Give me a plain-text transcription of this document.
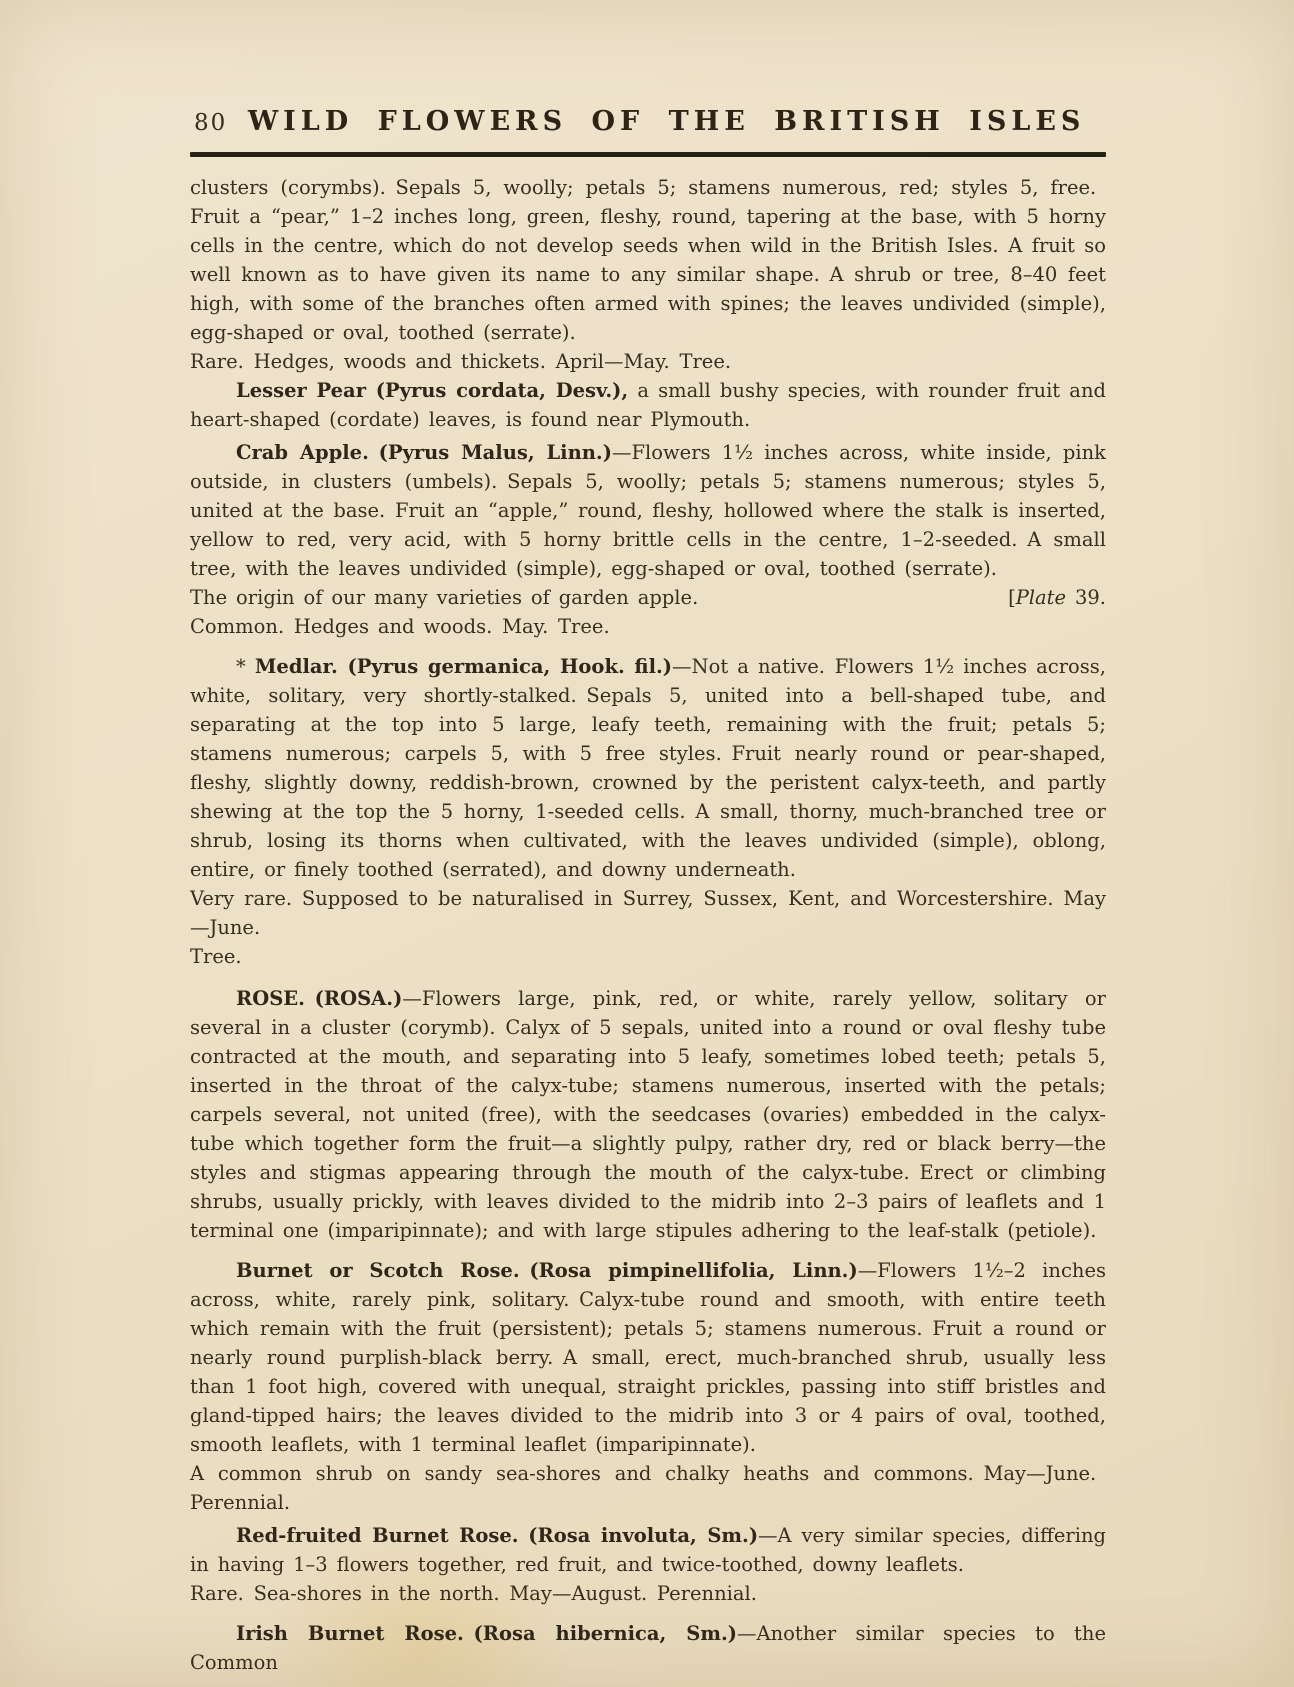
80 WILD FLOWERS OF THE BRITISH ISLES

clusters (corymbs). Sepals 5, woolly; petals 5; stamens numerous, red; styles 5, free. Fruit a “pear,” 1–2 inches long, green, fleshy, round, tapering at the base, with 5 horny cells in the centre, which do not develop seeds when wild in the British Isles. A fruit so well known as to have given its name to any similar shape. A shrub or tree, 8–40 feet high, with some of the branches often armed with spines; the leaves undivided (simple), egg-shaped or oval, toothed (serrate).

Rare. Hedges, woods and thickets. April—May. Tree.

Lesser Pear (Pyrus cordata, Desv.), a small bushy species, with rounder fruit and heart-shaped (cordate) leaves, is found near Plymouth.

Crab Apple. (Pyrus Malus, Linn.)—Flowers 1½ inches across, white inside, pink outside, in clusters (umbels). Sepals 5, woolly; petals 5; stamens numerous; styles 5, united at the base. Fruit an “apple,” round, fleshy, hollowed where the stalk is inserted, yellow to red, very acid, with 5 horny brittle cells in the centre, 1–2-seeded. A small tree, with the leaves undivided (simple), egg-shaped or oval, toothed (serrate).
[Plate 39.

The origin of our many varieties of garden apple.

Common. Hedges and woods. May. Tree.

* Medlar. (Pyrus germanica, Hook. fil.)—Not a native. Flowers 1½ inches across, white, solitary, very shortly-stalked. Sepals 5, united into a bell-shaped tube, and separating at the top into 5 large, leafy teeth, remaining with the fruit; petals 5; stamens numerous; carpels 5, with 5 free styles. Fruit nearly round or pear-shaped, fleshy, slightly downy, reddish-brown, crowned by the peristent calyx-teeth, and partly shewing at the top the 5 horny, 1-seeded cells. A small, thorny, much-branched tree or shrub, losing its thorns when cultivated, with the leaves undivided (simple), oblong, entire, or finely toothed (serrated), and downy underneath.

Very rare. Supposed to be naturalised in Surrey, Sussex, Kent, and Worcestershire. May—June.

Tree.

ROSE. (ROSA.)—Flowers large, pink, red, or white, rarely yellow, solitary or several in a cluster (corymb). Calyx of 5 sepals, united into a round or oval fleshy tube contracted at the mouth, and separating into 5 leafy, sometimes lobed teeth; petals 5, inserted in the throat of the calyx-tube; stamens numerous, inserted with the petals; carpels several, not united (free), with the seedcases (ovaries) embedded in the calyx-tube which together form the fruit—a slightly pulpy, rather dry, red or black berry—the styles and stigmas appearing through the mouth of the calyx-tube. Erect or climbing shrubs, usually prickly, with leaves divided to the midrib into 2–3 pairs of leaflets and 1 terminal one (imparipinnate); and with large stipules adhering to the leaf-stalk (petiole).

Burnet or Scotch Rose. (Rosa pimpinellifolia, Linn.)—Flowers 1½–2 inches across, white, rarely pink, solitary. Calyx-tube round and smooth, with entire teeth which remain with the fruit (persistent); petals 5; stamens numerous. Fruit a round or nearly round purplish-black berry. A small, erect, much-branched shrub, usually less than 1 foot high, covered with unequal, straight prickles, passing into stiff bristles and gland-tipped hairs; the leaves divided to the midrib into 3 or 4 pairs of oval, toothed, smooth leaflets, with 1 terminal leaflet (imparipinnate).

A common shrub on sandy sea-shores and chalky heaths and commons. May—June. Perennial.

Red-fruited Burnet Rose. (Rosa involuta, Sm.)—A very similar species, differing in having 1–3 flowers together, red fruit, and twice-toothed, downy leaflets.

Rare. Sea-shores in the north. May—August. Perennial.

Irish Burnet Rose. (Rosa hibernica, Sm.)—Another similar species to the Common
